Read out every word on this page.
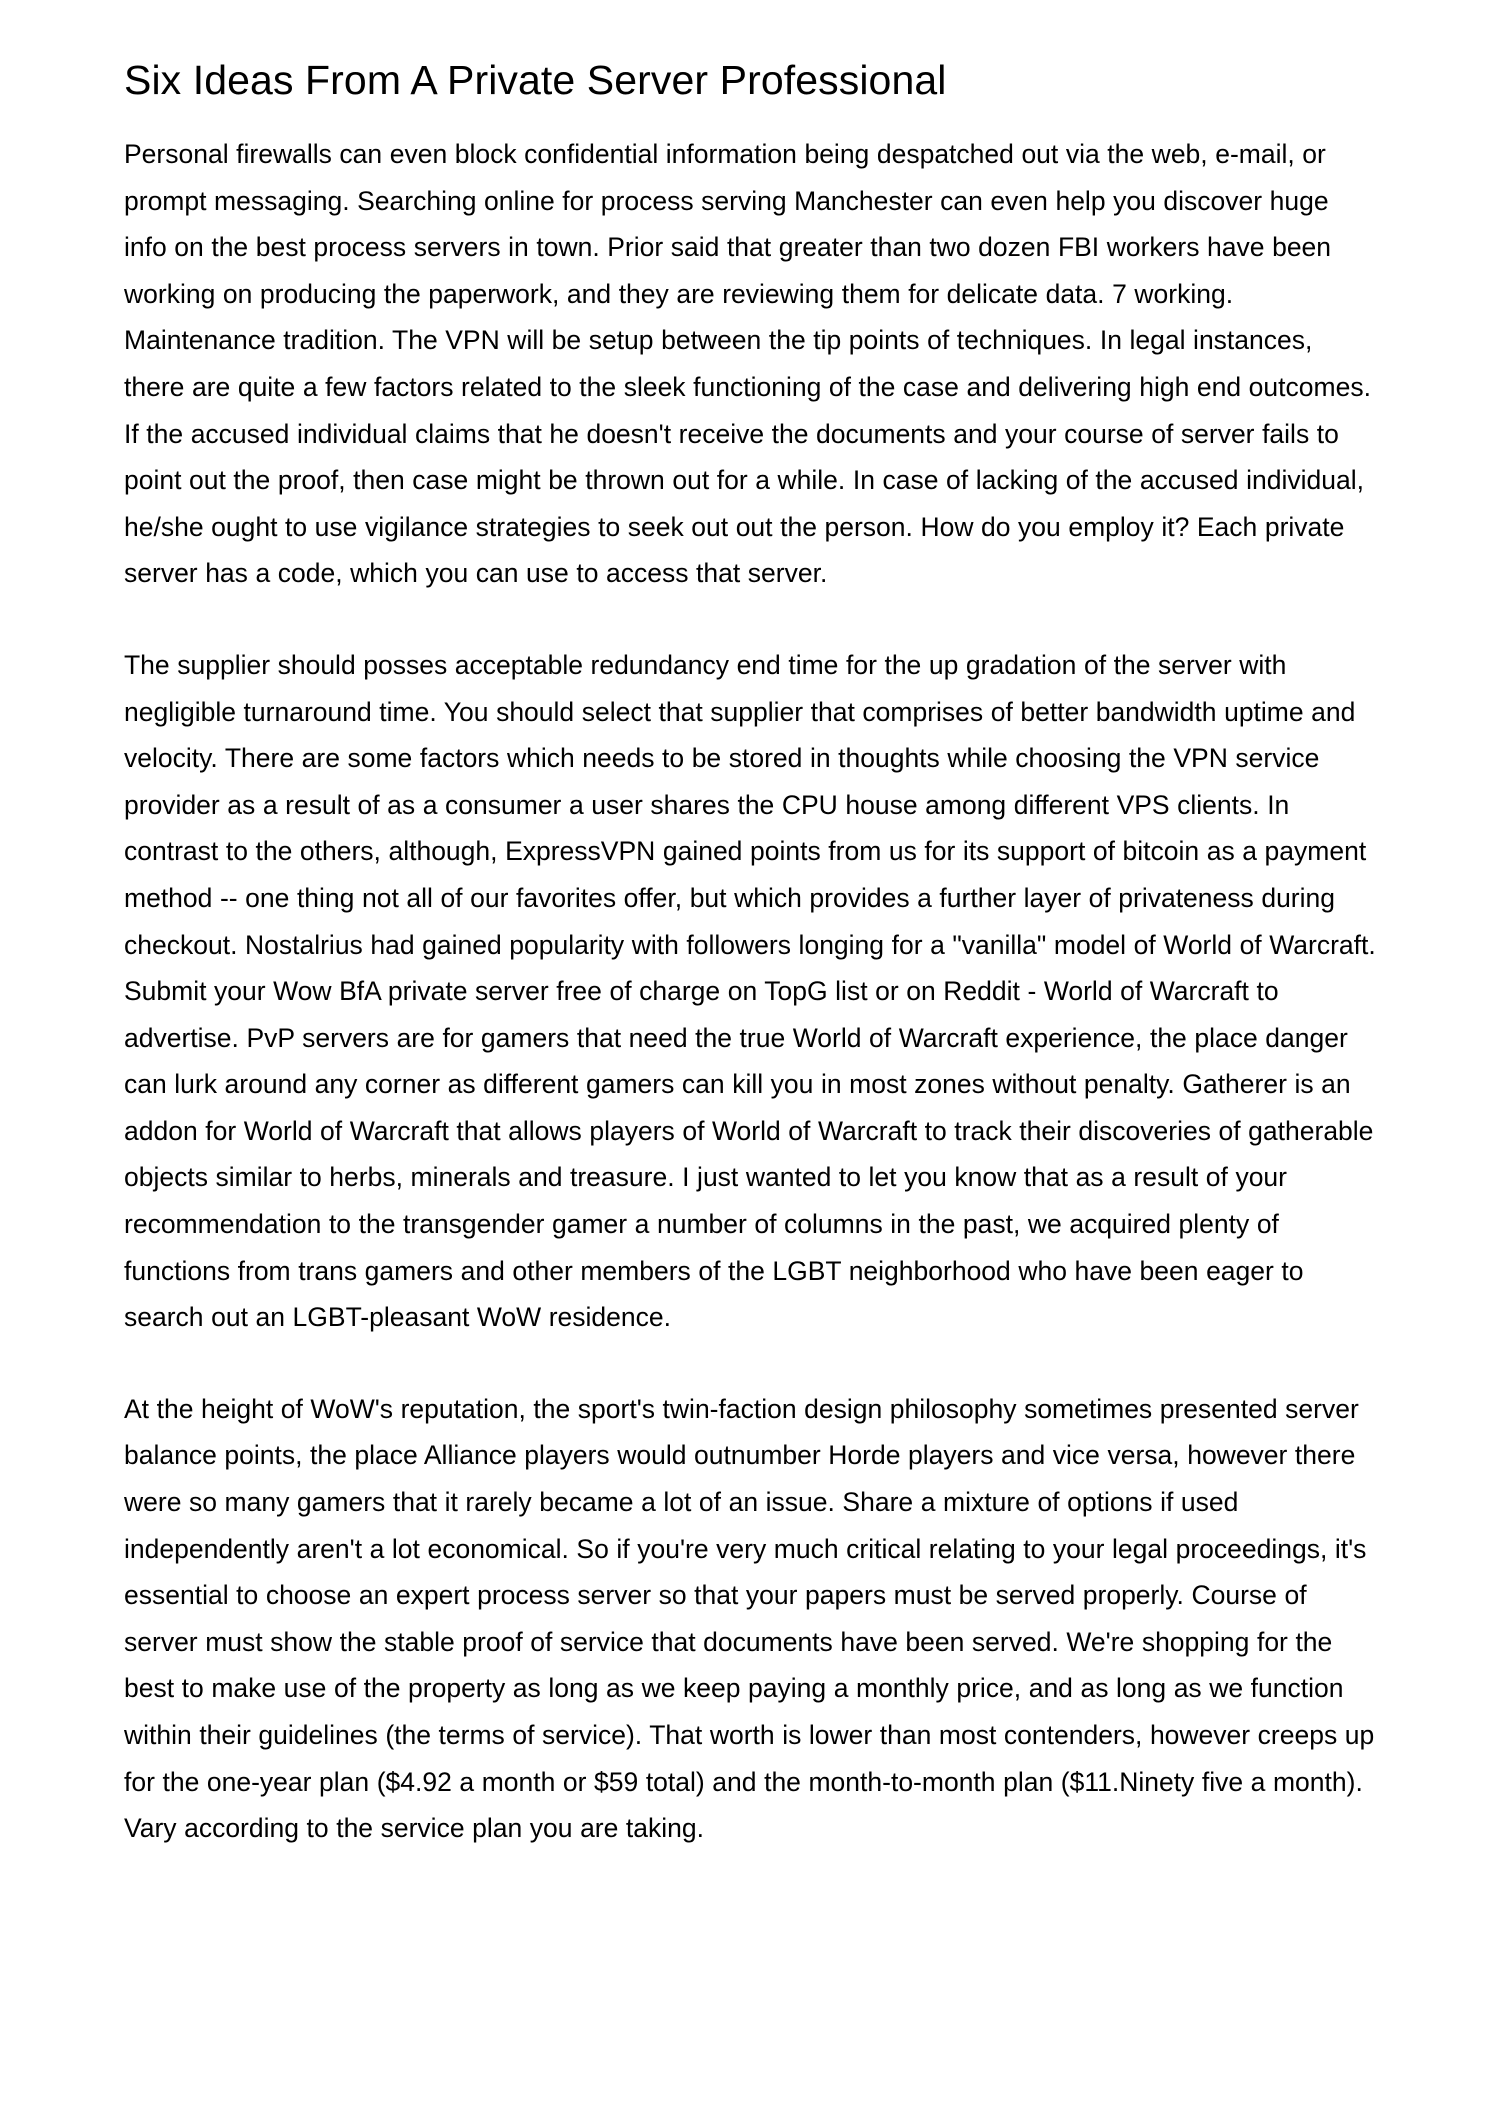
Six Ideas From A Private Server Professional

Personal firewalls can even block confidential information being despatched out via the web, e-mail, or prompt messaging. Searching online for process serving Manchester can even help you discover huge info on the best process servers in town. Prior said that greater than two dozen FBI workers have been working on producing the paperwork, and they are reviewing them for delicate data. 7 working. Maintenance tradition. The VPN will be setup between the tip points of techniques. In legal instances, there are quite a few factors related to the sleek functioning of the case and delivering high end outcomes. If the accused individual claims that he doesn't receive the documents and your course of server fails to point out the proof, then case might be thrown out for a while. In case of lacking of the accused individual, he/she ought to use vigilance strategies to seek out out the person. How do you employ it? Each private server has a code, which you can use to access that server.

The supplier should posses acceptable redundancy end time for the up gradation of the server with negligible turnaround time. You should select that supplier that comprises of better bandwidth uptime and velocity. There are some factors which needs to be stored in thoughts while choosing the VPN service provider as a result of as a consumer a user shares the CPU house among different VPS clients. In contrast to the others, although, ExpressVPN gained points from us for its support of bitcoin as a payment method -- one thing not all of our favorites offer, but which provides a further layer of privateness during checkout. Nostalrius had gained popularity with followers longing for a "vanilla" model of World of Warcraft. Submit your Wow BfA private server free of charge on TopG list or on Reddit - World of Warcraft to advertise. PvP servers are for gamers that need the true World of Warcraft experience, the place danger can lurk around any corner as different gamers can kill you in most zones without penalty. Gatherer is an addon for World of Warcraft that allows players of World of Warcraft to track their discoveries of gatherable objects similar to herbs, minerals and treasure. I just wanted to let you know that as a result of your recommendation to the transgender gamer a number of columns in the past, we acquired plenty of functions from trans gamers and other members of the LGBT neighborhood who have been eager to search out an LGBT-pleasant WoW residence.

At the height of WoW's reputation, the sport's twin-faction design philosophy sometimes presented server balance points, the place Alliance players would outnumber Horde players and vice versa, however there were so many gamers that it rarely became a lot of an issue. Share a mixture of options if used independently aren't a lot economical. So if you're very much critical relating to your legal proceedings, it's essential to choose an expert process server so that your papers must be served properly. Course of server must show the stable proof of service that documents have been served. We're shopping for the best to make use of the property as long as we keep paying a monthly price, and as long as we function within their guidelines (the terms of service). That worth is lower than most contenders, however creeps up for the one-year plan ($4.92 a month or $59 total) and the month-to-month plan ($11.Ninety five a month). Vary according to the service plan you are taking.
